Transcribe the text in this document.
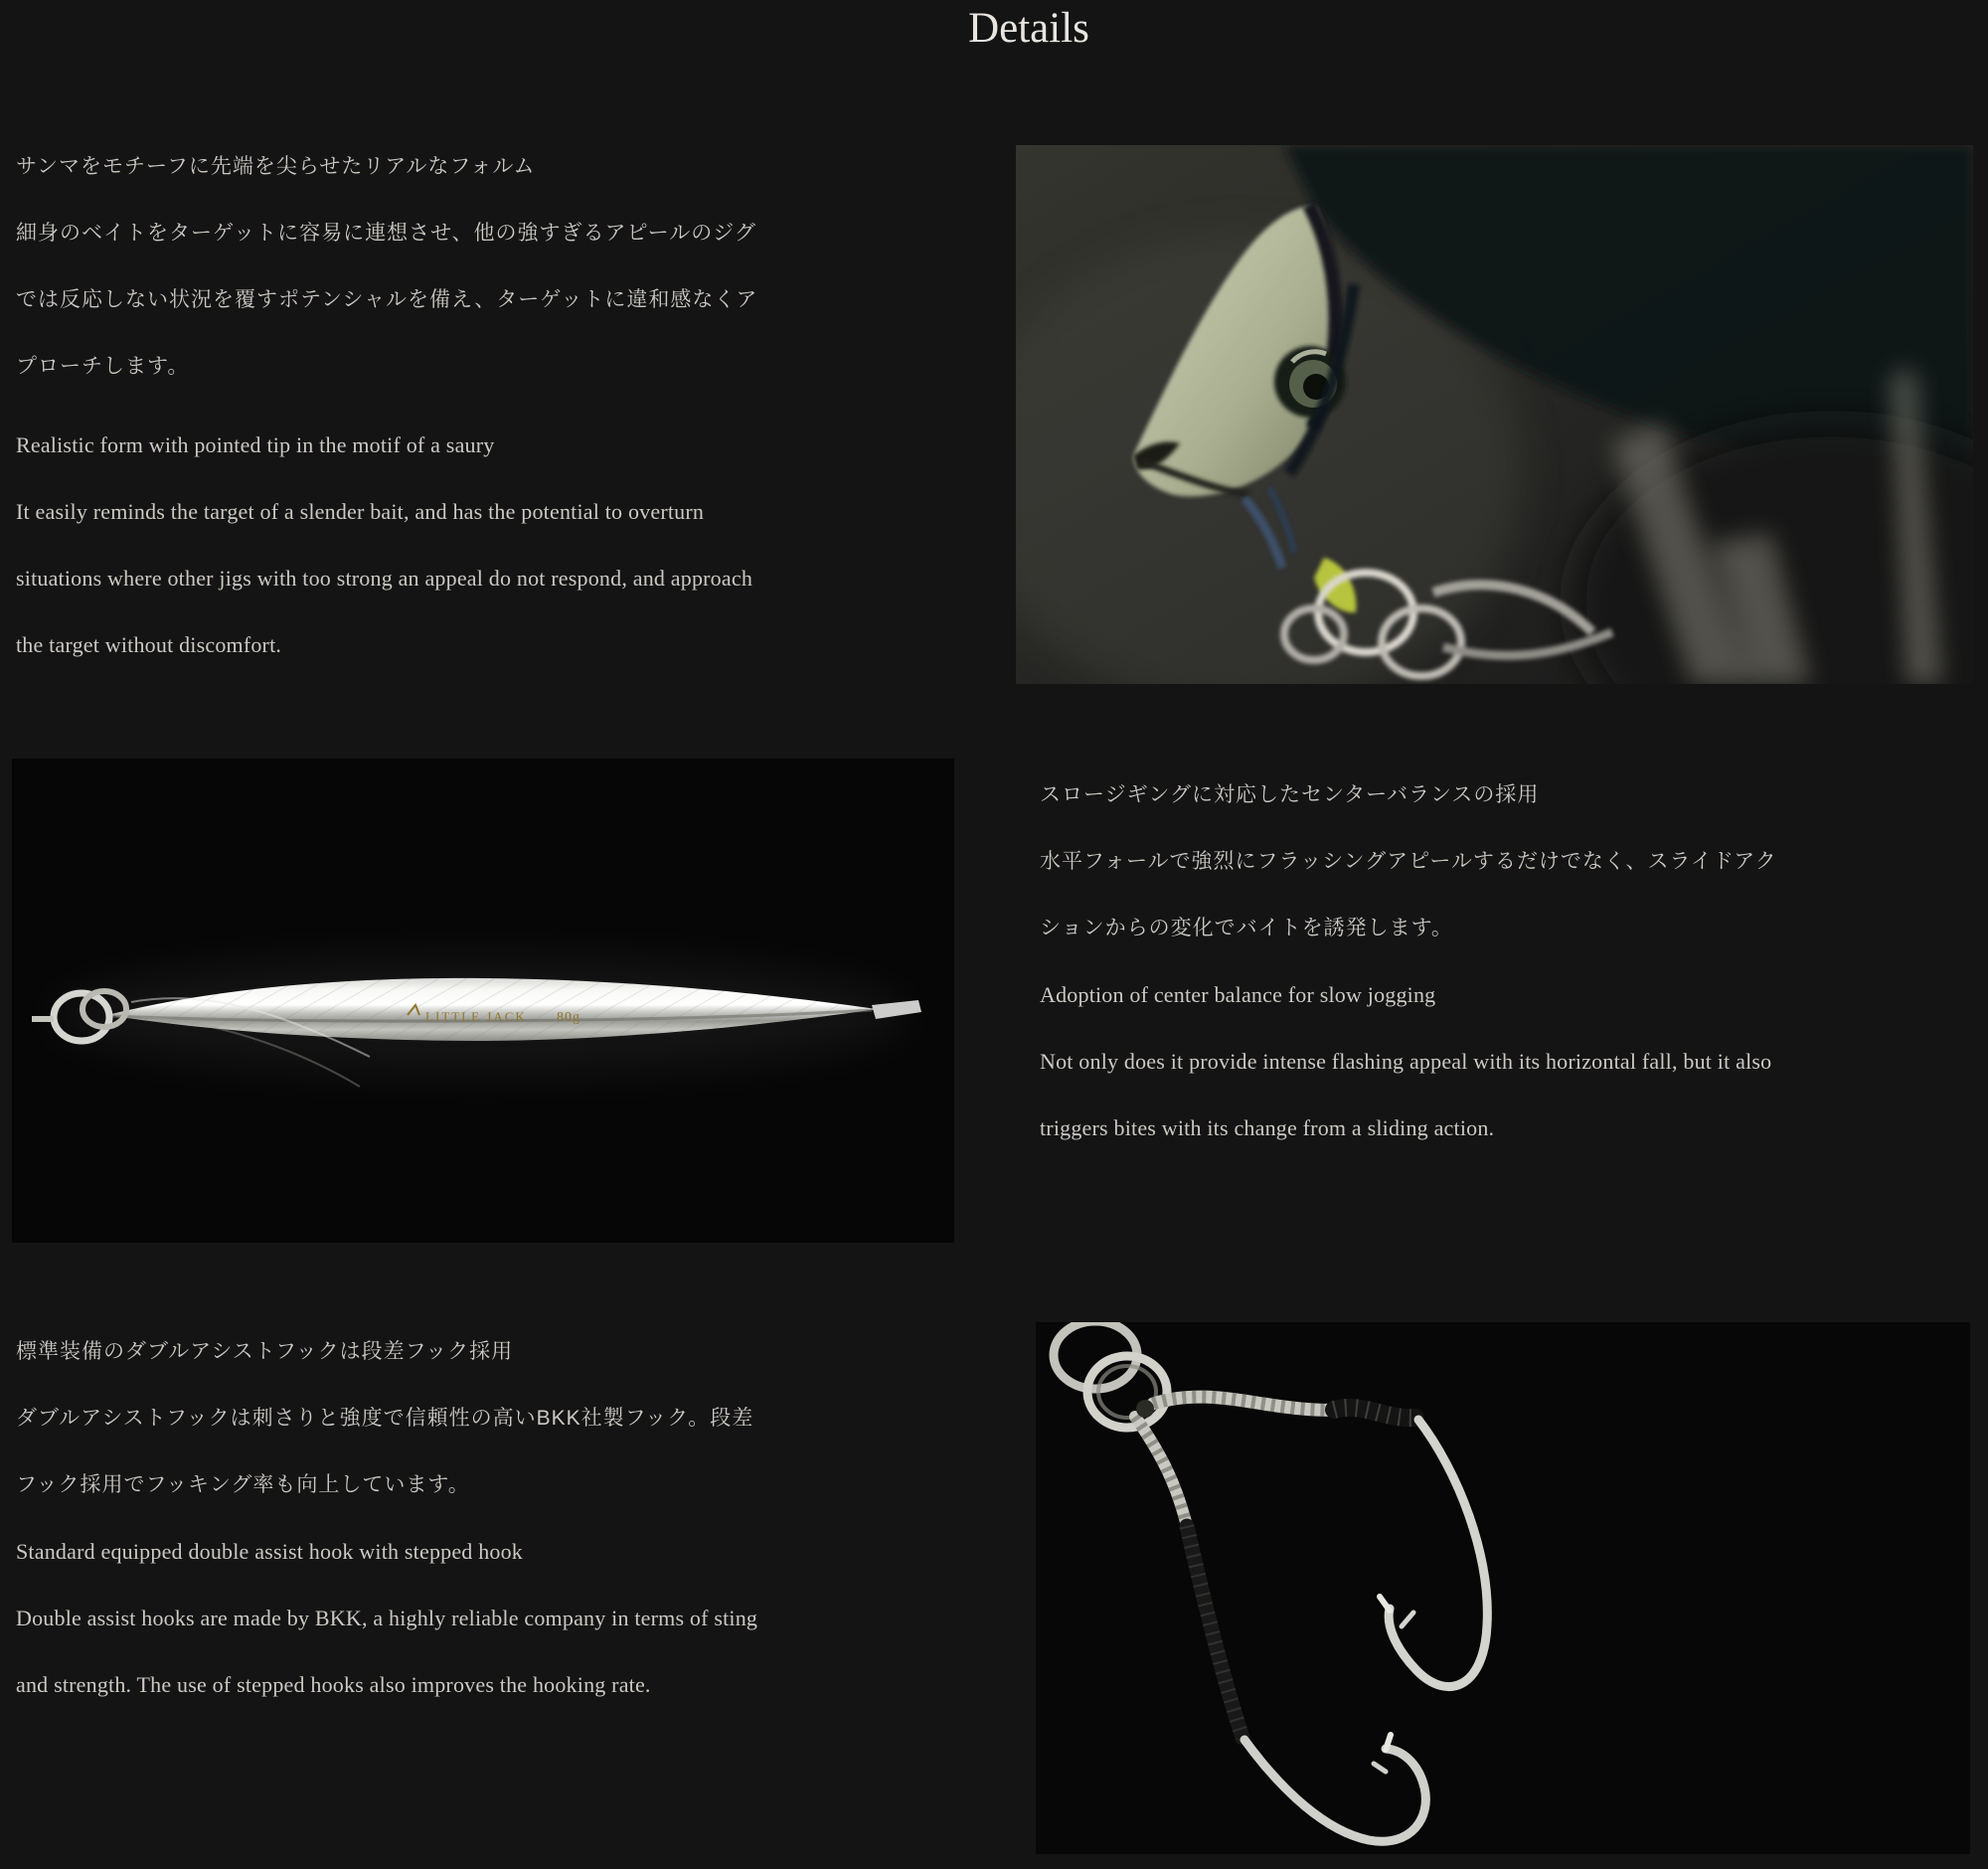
Details

サンマをモチーフに先端を尖らせたリアルなフォルム

細身のベイトをターゲットに容易に連想させ、他の強すぎるアピールのジグ

では反応しない状況を覆すポテンシャルを備え、ターゲットに違和感なくア

プローチします。

Realistic form with pointed tip in the motif of a saury

It easily reminds the target of a slender bait, and has the potential to overturn

situations where other jigs with too strong an appeal do not respond, and approach

the target without discomfort.

LITTLE JACK 80g

スロージギングに対応したセンターバランスの採用

水平フォールで強烈にフラッシングアピールするだけでなく、スライドアク

ションからの変化でバイトを誘発します。

Adoption of center balance for slow jogging

Not only does it provide intense flashing appeal with its horizontal fall, but it also

triggers bites with its change from a sliding action.

標準装備のダブルアシストフックは段差フック採用

ダブルアシストフックは刺さりと強度で信頼性の高いBKK社製フック。段差

フック採用でフッキング率も向上しています。

Standard equipped double assist hook with stepped hook

Double assist hooks are made by BKK, a highly reliable company in terms of sting

and strength. The use of stepped hooks also improves the hooking rate.
